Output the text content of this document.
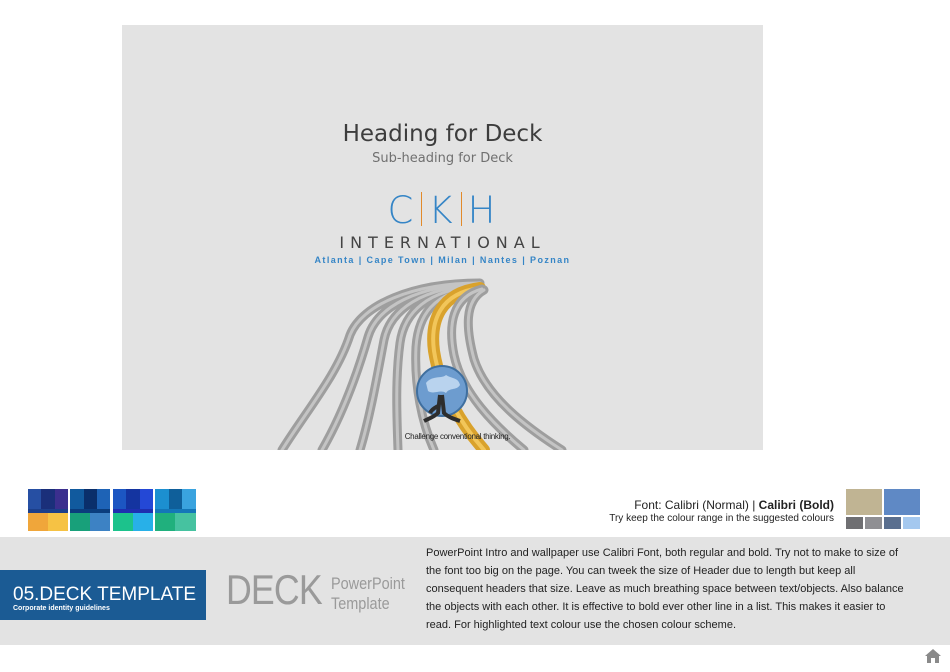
Heading for Deck
Sub-heading for Deck
C K H
INTERNATIONAL
Atlanta | Cape Town | Milan | Nantes | Poznan
Challenge conventional thinking.
Font: Calibri (Normal) | Calibri (Bold)
Try keep the colour range in the suggested colours
05.DECK TEMPLATE
Corporate identity guidelines	DECK PowerPoint
Template
PowerPoint Intro and wallpaper use Calibri Font, both regular and bold. Try not to make to size of the font too big on the page. You can tweek the size of Header due to length but keep all consequent headers that size. Leave as much breathing space between text/objects. Also balance the objects with each other. It is effective to bold ever other line in a list. This makes it easier to read. For highlighted text colour use the chosen colour scheme.
